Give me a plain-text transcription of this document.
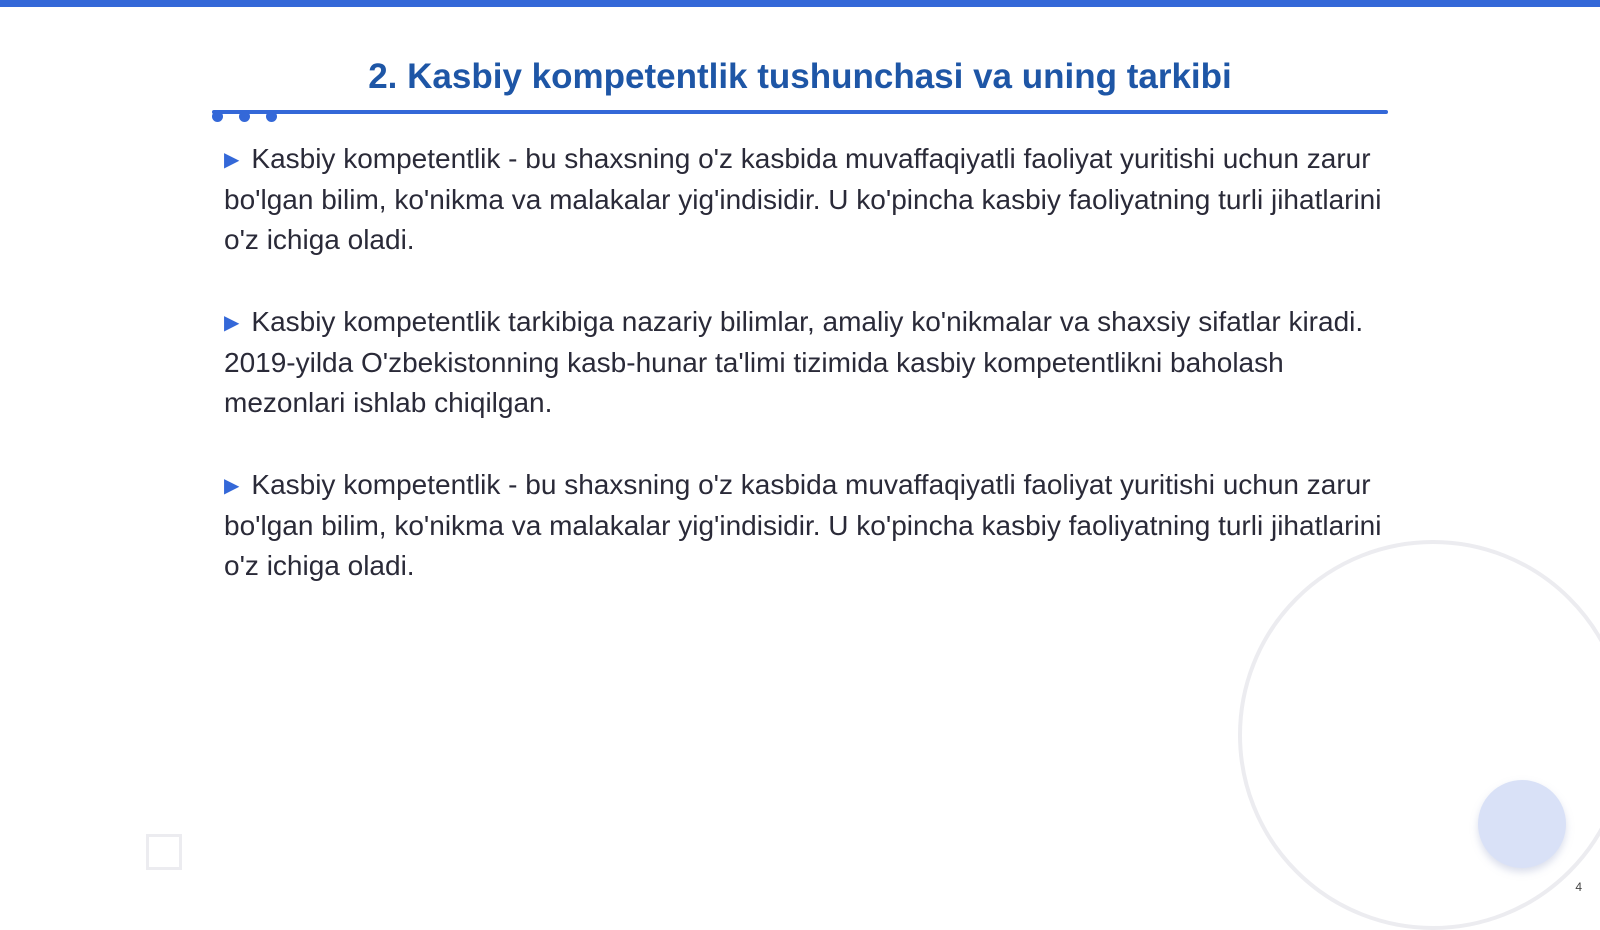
2. Kasbiy kompetentlik tushunchasi va uning tarkibi

▶ Kasbiy kompetentlik - bu shaxsning o'z kasbida muvaffaqiyatli faoliyat yuritishi uchun zarur bo'lgan bilim, ko'nikma va malakalar yig'indisidir. U ko'pincha kasbiy faoliyatning turli jihatlarini o'z ichiga oladi.

▶ Kasbiy kompetentlik tarkibiga nazariy bilimlar, amaliy ko'nikmalar va shaxsiy sifatlar kiradi. 2019-yilda O'zbekistonning kasb-hunar ta'limi tizimida kasbiy kompetentlikni baholash mezonlari ishlab chiqilgan.

▶ Kasbiy kompetentlik - bu shaxsning o'z kasbida muvaffaqiyatli faoliyat yuritishi uchun zarur bo'lgan bilim, ko'nikma va malakalar yig'indisidir. U ko'pincha kasbiy faoliyatning turli jihatlarini o'z ichiga oladi.

4
